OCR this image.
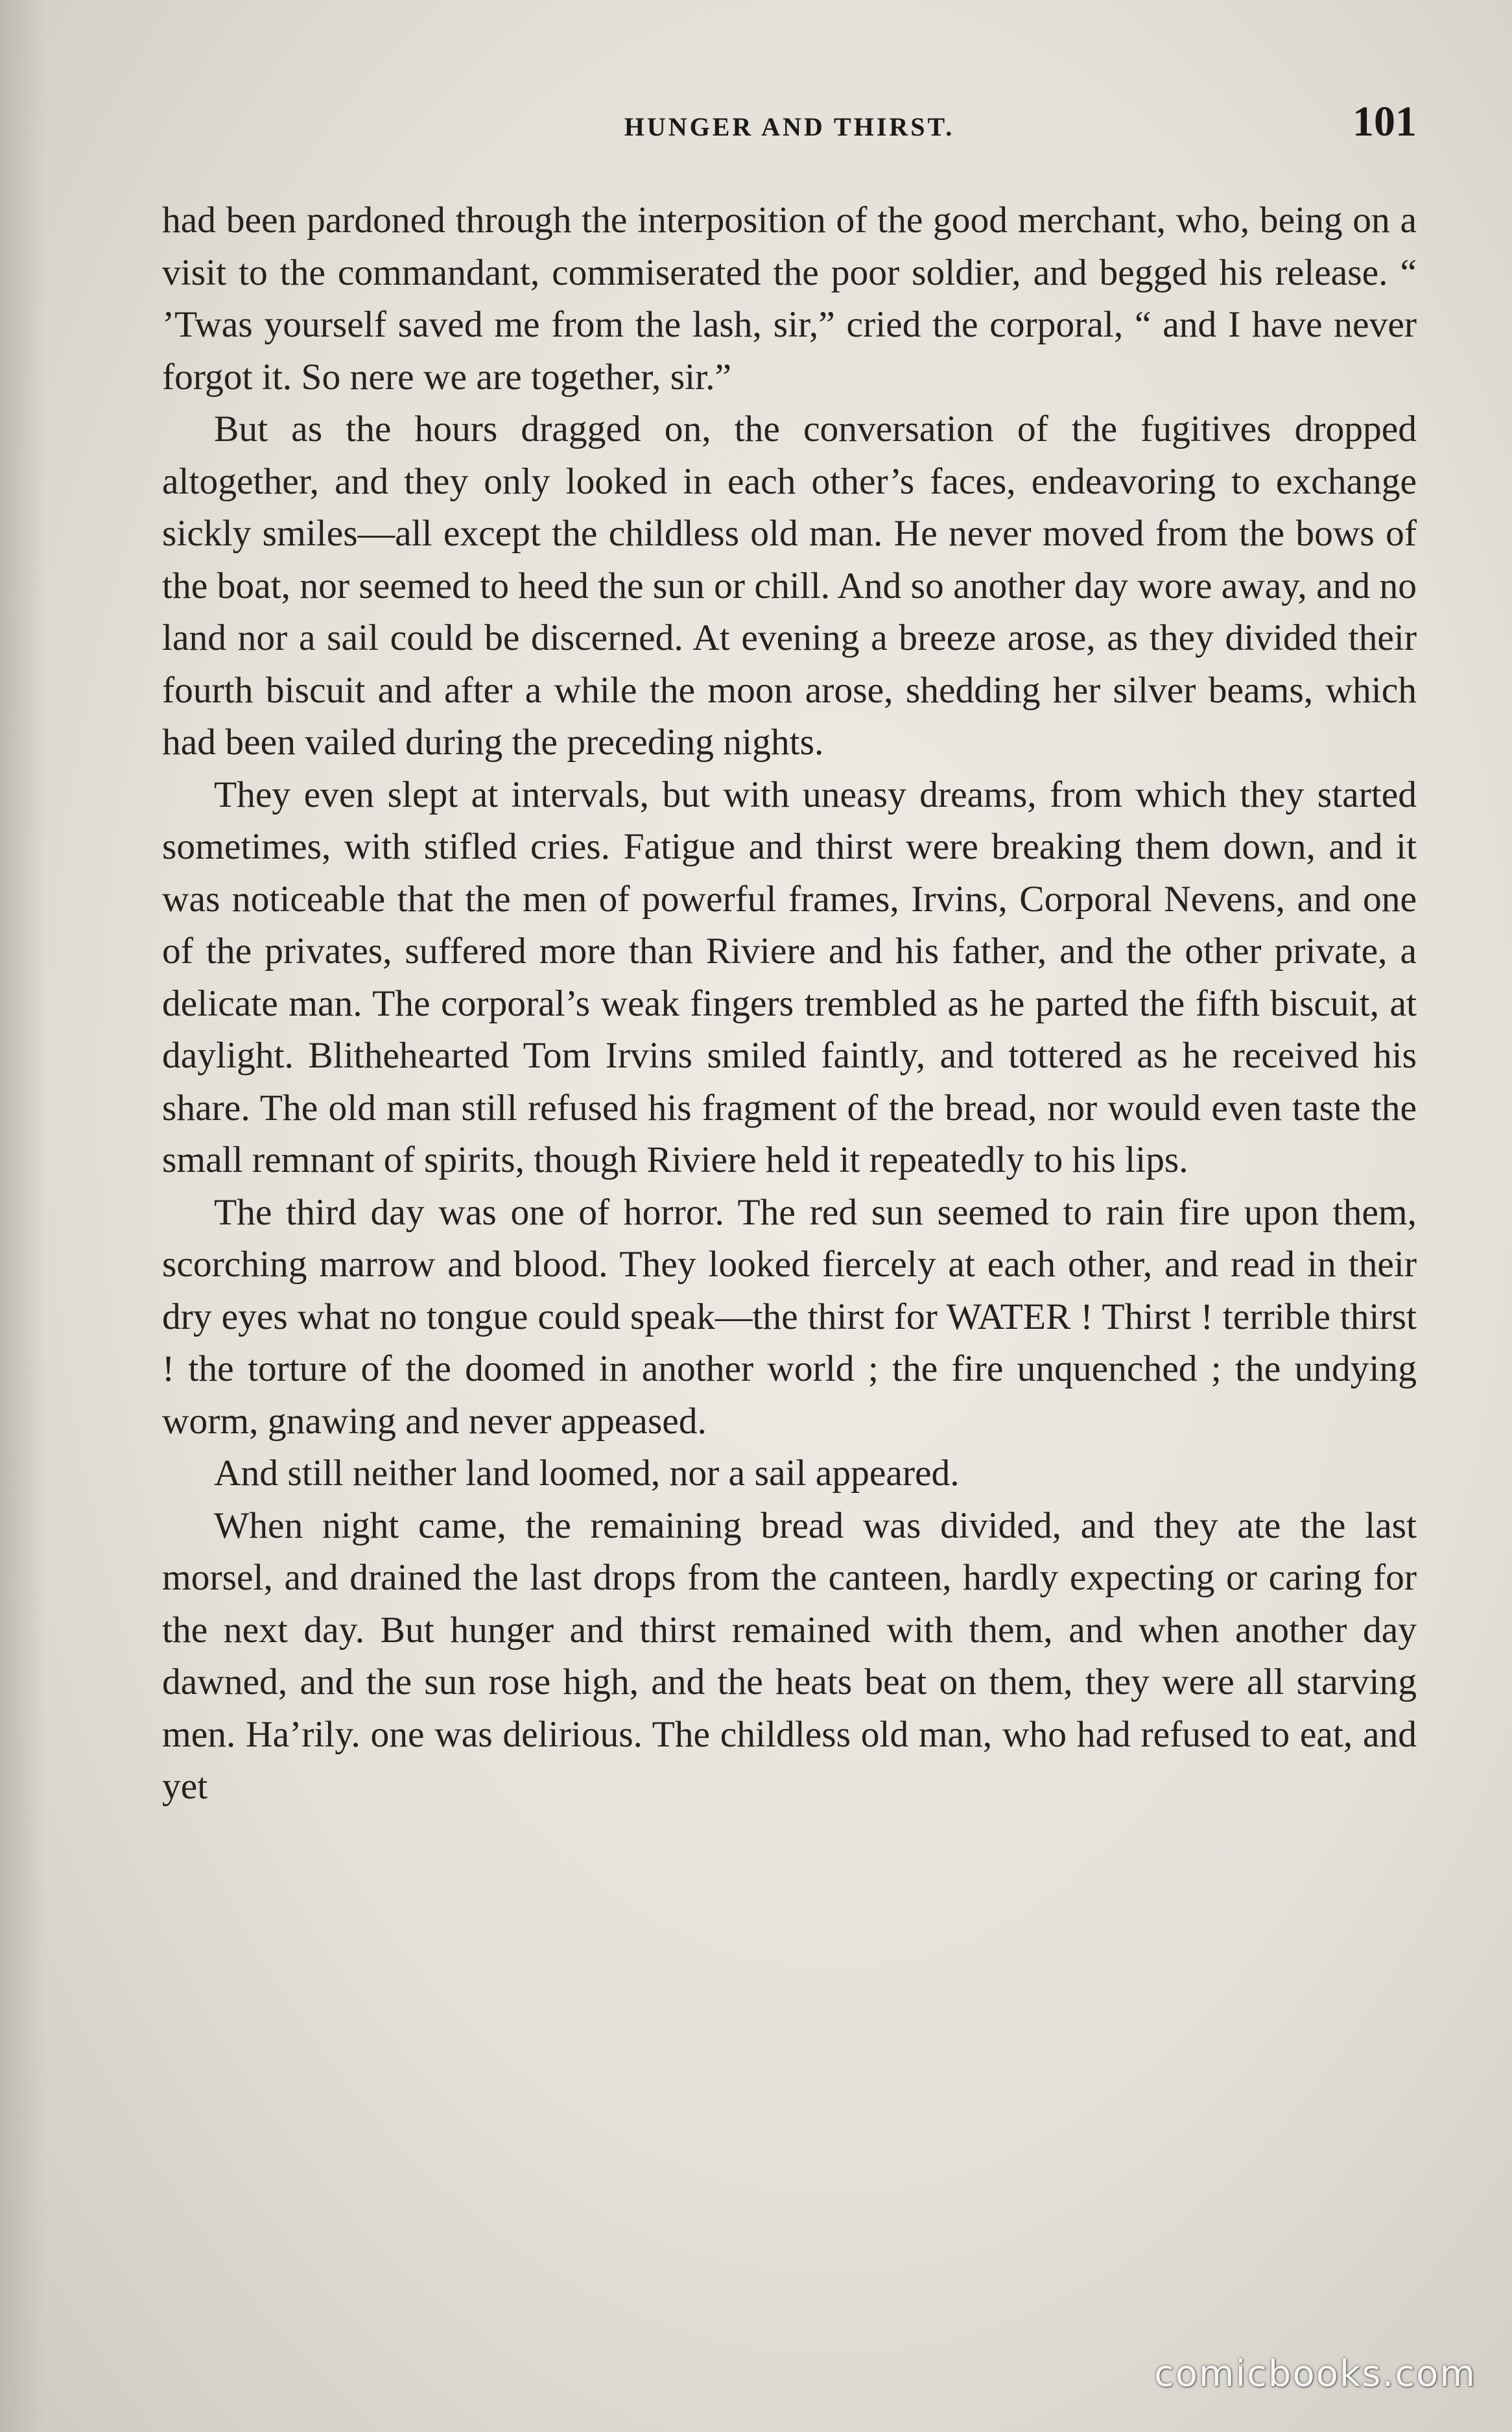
HUNGER AND THIRST.	101

had been pardoned through the interposition of the good merchant, who, being on a visit to the commandant, commiserated the poor soldier, and begged his release. “ ’Twas yourself saved me from the lash, sir,” cried the corporal, “ and I have never forgot it. So nere we are together, sir.”

But as the hours dragged on, the conversation of the fugitives dropped altogether, and they only looked in each other’s faces, endeavoring to exchange sickly smiles—all except the childless old man. He never moved from the bows of the boat, nor seemed to heed the sun or chill. And so another day wore away, and no land nor a sail could be discerned. At evening a breeze arose, as they divided their fourth biscuit and after a while the moon arose, shedding her silver beams, which had been vailed during the preceding nights.

They even slept at intervals, but with uneasy dreams, from which they started sometimes, with stifled cries. Fatigue and thirst were breaking them down, and it was noticeable that the men of powerful frames, Irvins, Corporal Nevens, and one of the privates, suffered more than Riviere and his father, and the other private, a delicate man. The corporal’s weak fingers trembled as he parted the fifth biscuit, at daylight. Blithehearted Tom Irvins smiled faintly, and tottered as he received his share. The old man still refused his fragment of the bread, nor would even taste the small remnant of spirits, though Riviere held it repeatedly to his lips.

The third day was one of horror. The red sun seemed to rain fire upon them, scorching marrow and blood. They looked fiercely at each other, and read in their dry eyes what no tongue could speak—the thirst for WATER ! Thirst ! terrible thirst ! the torture of the doomed in another world ; the fire unquenched ; the undying worm, gnawing and never appeased.

And still neither land loomed, nor a sail appeared.

When night came, the remaining bread was divided, and they ate the last morsel, and drained the last drops from the canteen, hardly expecting or caring for the next day. But hunger and thirst remained with them, and when another day dawned, and the sun rose high, and the heats beat on them, they were all starving men. Ha’rily. one was delirious. The childless old man, who had refused to eat, and yet

comicbooks.com
